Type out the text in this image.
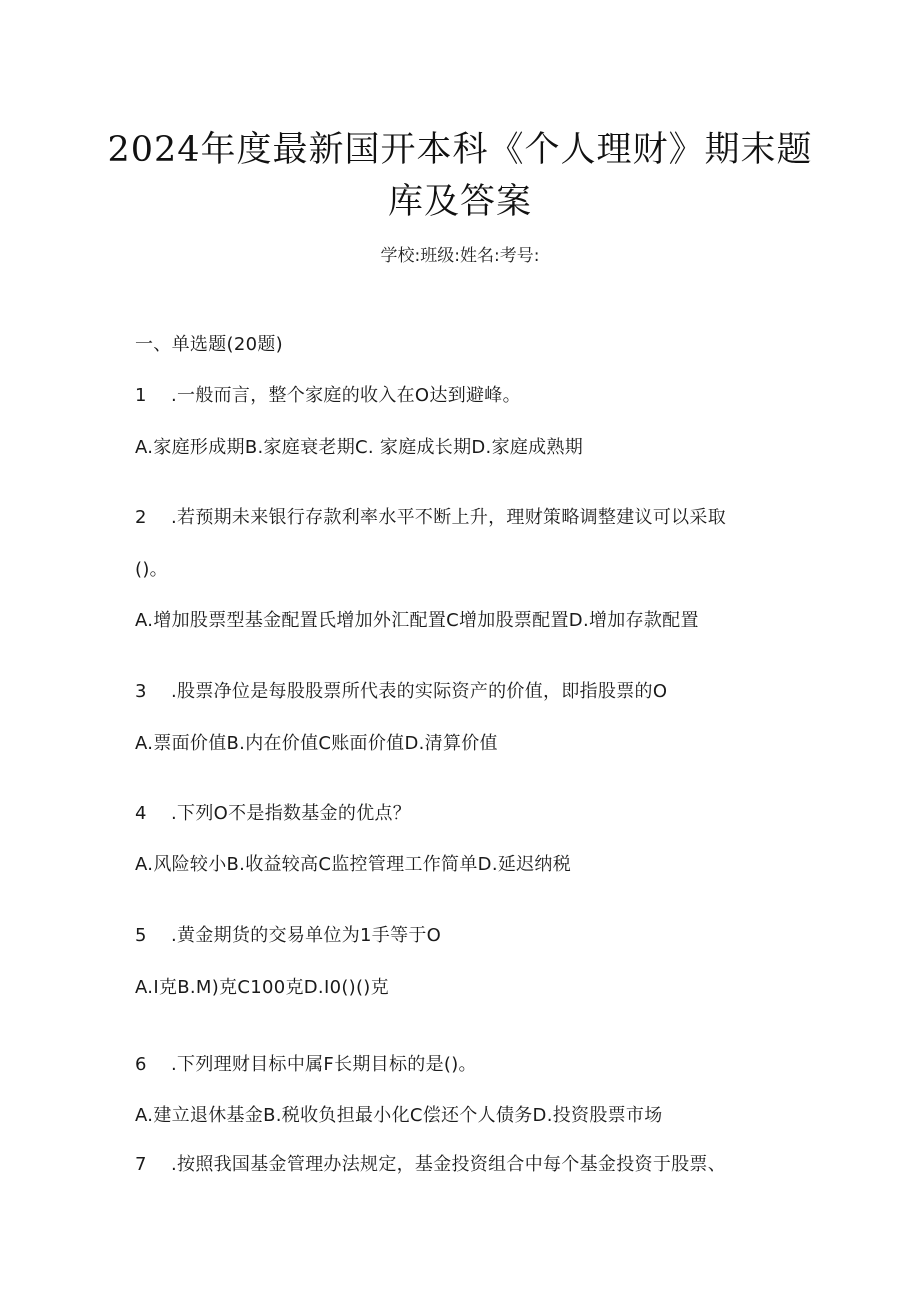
2024年度最新国开本科《个人理财》期末题
库及答案
学校:班级:姓名:考号:
一、单选题(20题)
1 .一般而言，整个家庭的收入在O达到避峰。
A.家庭形成期B.家庭衰老期C. 家庭成长期D.家庭成熟期
2 .若预期未来银行存款利率水平不断上升，理财策略调整建议可以采取
()。
A.增加股票型基金配置氏增加外汇配置C增加股票配置D.增加存款配置
3 .股票净位是每股股票所代表的实际资产的价值，即指股票的O
A.票面价值B.内在价值C账面价值D.清算价值
4 .下列O不是指数基金的优点？
A.风险较小B.收益较高C监控管理工作简单D.延迟纳税
5 .黄金期货的交易单位为1手等于O
A.I克B.M)克C100克D.I0()()克
6 .下列理财目标中属F长期目标的是()。
A.建立退休基金B.税收负担最小化C偿还个人债务D.投资股票市场
7 .按照我国基金管理办法规定，基金投资组合中每个基金投资于股票、
